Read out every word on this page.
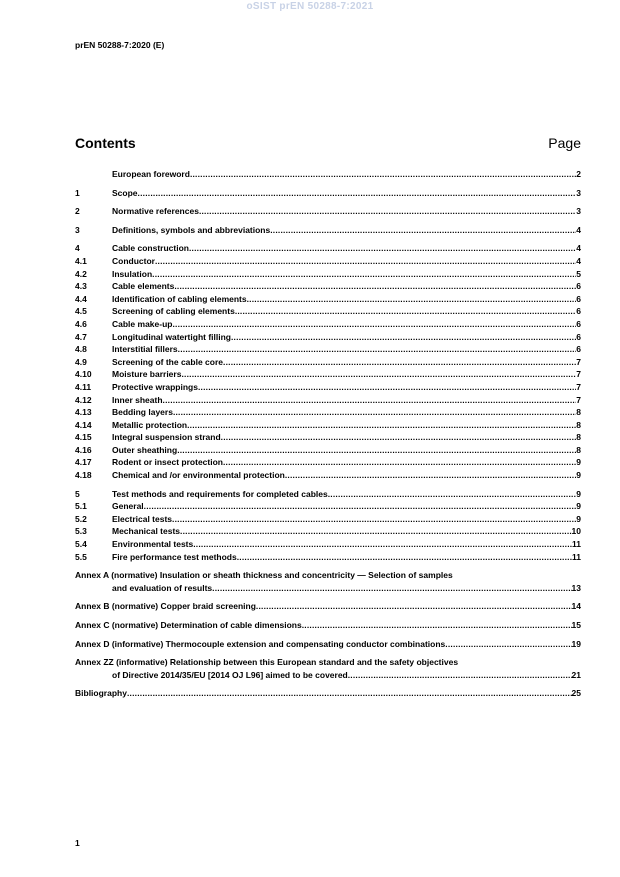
oSIST prEN 50288-7:2021
prEN 50288-7:2020 (E)
Contents	Page
European foreword .....	2
1	Scope .....	3
2	Normative references .....	3
3	Definitions, symbols and abbreviations .....	4
4	Cable construction .....	4
4.1	Conductor .....	4
4.2	Insulation .....	5
4.3	Cable elements .....	6
4.4	Identification of cabling elements .....	6
4.5	Screening of cabling elements .....	6
4.6	Cable make-up .....	6
4.7	Longitudinal watertight filling .....	6
4.8	Interstitial fillers .....	6
4.9	Screening of the cable core .....	7
4.10	Moisture barriers .....	7
4.11	Protective wrappings .....	7
4.12	Inner sheath .....	7
4.13	Bedding layers .....	8
4.14	Metallic protection .....	8
4.15	Integral suspension strand .....	8
4.16	Outer sheathing .....	8
4.17	Rodent or insect protection .....	9
4.18	Chemical and /or environmental protection .....	9
5	Test methods and requirements for completed cables .....	9
5.1	General .....	9
5.2	Electrical tests .....	9
5.3	Mechanical tests .....	10
5.4	Environmental tests .....	11
5.5	Fire performance test methods .....	11
Annex A (normative) Insulation or sheath thickness and concentricity — Selection of samples
and evaluation of results .....	13
Annex B (normative) Copper braid screening .....	14
Annex C (normative) Determination of cable dimensions .....	15
Annex D (informative) Thermocouple extension and compensating conductor combinations .....	19
Annex ZZ (informative) Relationship between this European standard and the safety objectives
of Directive 2014/35/EU [2014 OJ L96] aimed to be covered .....	21
Bibliography .....	25
1
